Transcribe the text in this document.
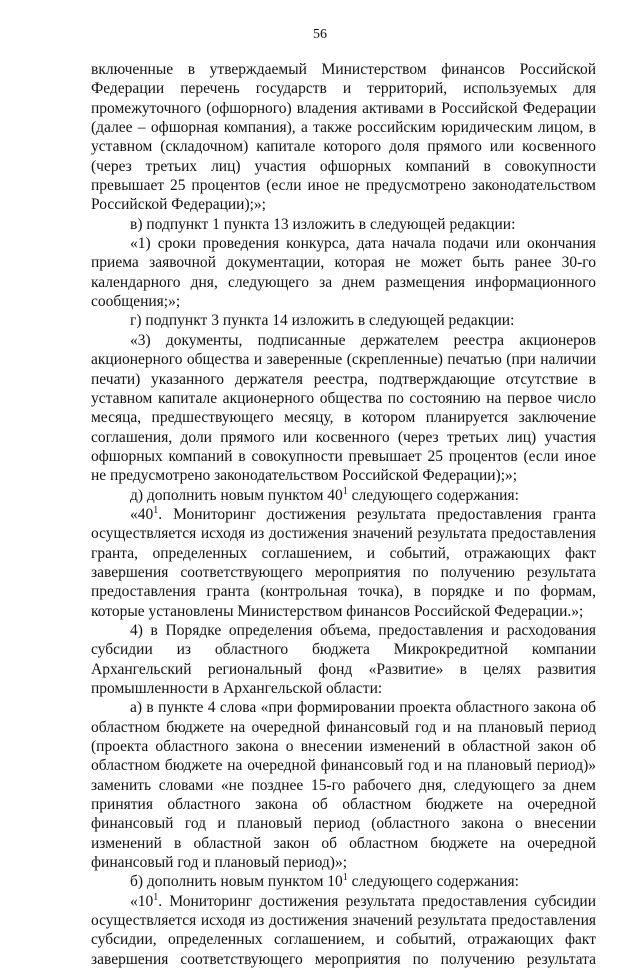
56

включенные в утверждаемый Министерством финансов Российской Федерации перечень государств и территорий, используемых для промежуточного (офшорного) владения активами в Российской Федерации (далее – офшорная компания), а также российским юридическим лицом, в уставном (складочном) капитале которого доля прямого или косвенного (через третьих лиц) участия офшорных компаний в совокупности превышает 25 процентов (если иное не предусмотрено законодательством Российской Федерации);»;

в) подпункт 1 пункта 13 изложить в следующей редакции:

«1) сроки проведения конкурса, дата начала подачи или окончания приема заявочной документации, которая не может быть ранее 30-го календарного дня, следующего за днем размещения информационного сообщения;»;

г) подпункт 3 пункта 14 изложить в следующей редакции:

«3) документы, подписанные держателем реестра акционеров акционерного общества и заверенные (скрепленные) печатью (при наличии печати) указанного держателя реестра, подтверждающие отсутствие в уставном капитале акционерного общества по состоянию на первое число месяца, предшествующего месяцу, в котором планируется заключение соглашения, доли прямого или косвенного (через третьих лиц) участия офшорных компаний в совокупности превышает 25 процентов (если иное не предусмотрено законодательством Российской Федерации);»;

д) дополнить новым пунктом $40^1$ следующего содержания:

«$40^1$. Мониторинг достижения результата предоставления гранта осуществляется исходя из достижения значений результата предоставления гранта, определенных соглашением, и событий, отражающих факт завершения соответствующего мероприятия по получению результата предоставления гранта (контрольная точка), в порядке и по формам, которые установлены Министерством финансов Российской Федерации.»;

4) в Порядке определения объема, предоставления и расходования субсидии из областного бюджета Микрокредитной компании Архангельский региональный фонд «Развитие» в целях развития промышленности в Архангельской области:

а) в пункте 4 слова «при формировании проекта областного закона об областном бюджете на очередной финансовый год и на плановый период (проекта областного закона о внесении изменений в областной закон об областном бюджете на очередной финансовый год и на плановый период)» заменить словами «не позднее 15-го рабочего дня, следующего за днем принятия областного закона об областном бюджете на очередной финансовый год и плановый период (областного закона о внесении изменений в областной закон об областном бюджете на очередной финансовый год и плановый период)»;

б) дополнить новым пунктом $10^1$ следующего содержания:

«$10^1$. Мониторинг достижения результата предоставления субсидии осуществляется исходя из достижения значений результата предоставления субсидии, определенных соглашением, и событий, отражающих факт завершения соответствующего мероприятия по получению результата
